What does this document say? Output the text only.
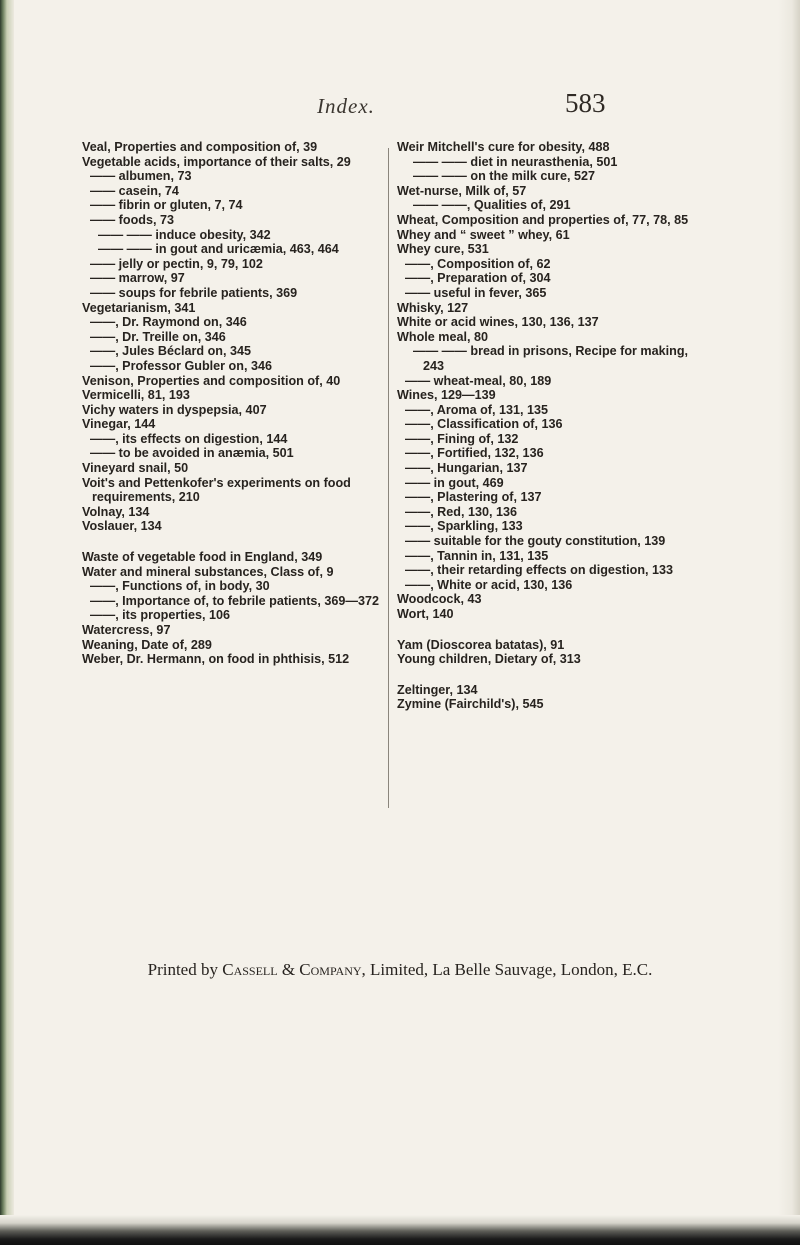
Index.	583
Veal, Properties and composition of, 39
Vegetable acids, importance of their salts, 29
—— albumen, 73
—— casein, 74
—— fibrin or gluten, 7, 74
—— foods, 73
—— —— induce obesity, 342
—— —— in gout and uricæmia, 463, 464
—— jelly or pectin, 9, 79, 102
—— marrow, 97
—— soups for febrile patients, 369
Vegetarianism, 341
——, Dr. Raymond on, 346
——, Dr. Treille on, 346
——, Jules Béclard on, 345
——, Professor Gubler on, 346
Venison, Properties and composition of, 40
Vermicelli, 81, 193
Vichy waters in dyspepsia, 407
Vinegar, 144
——, its effects on digestion, 144
—— to be avoided in anæmia, 501
Vineyard snail, 50
Voit's and Pettenkofer's experiments on food requirements, 210
Volnay, 134
Voslauer, 134
Waste of vegetable food in England, 349
Water and mineral substances, Class of, 9
——, Functions of, in body, 30
——, Importance of, to febrile patients, 369—372
——, its properties, 106
Watercress, 97
Weaning, Date of, 289
Weber, Dr. Hermann, on food in phthisis, 512
Weir Mitchell's cure for obesity, 488
—— —— diet in neurasthenia, 501
—— —— on the milk cure, 527
Wet-nurse, Milk of, 57
—— ——, Qualities of, 291
Wheat, Composition and properties of, 77, 78, 85
Whey and “ sweet ” whey, 61
Whey cure, 531
——, Composition of, 62
——, Preparation of, 304
—— useful in fever, 365
Whisky, 127
White or acid wines, 130, 136, 137
Whole meal, 80
—— —— bread in prisons, Recipe for making, 243
—— wheat-meal, 80, 189
Wines, 129—139
——, Aroma of, 131, 135
——, Classification of, 136
——, Fining of, 132
——, Fortified, 132, 136
——, Hungarian, 137
—— in gout, 469
——, Plastering of, 137
——, Red, 130, 136
——, Sparkling, 133
—— suitable for the gouty constitution, 139
——, Tannin in, 131, 135
——, their retarding effects on digestion, 133
——, White or acid, 130, 136
Woodcock, 43
Wort, 140
Yam (Dioscorea batatas), 91
Young children, Dietary of, 313
Zeltinger, 134
Zymine (Fairchild's), 545
Printed by Cassell & Company, Limited, La Belle Sauvage, London, E.C.
